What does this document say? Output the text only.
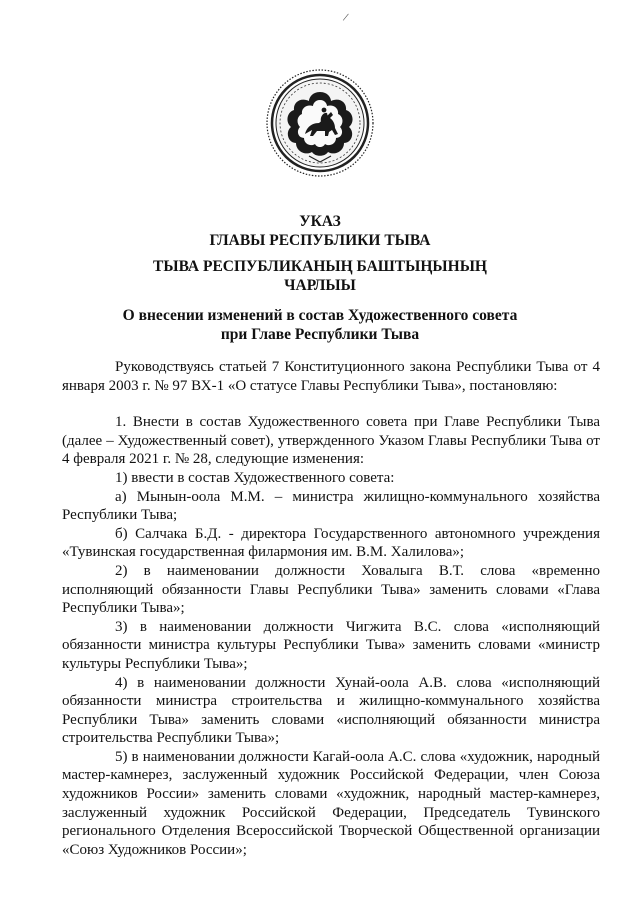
/
УКАЗ
ГЛАВЫ РЕСПУБЛИКИ ТЫВА
ТЫВА РЕСПУБЛИКАНЫҢ БАШТЫҢЫНЫҢ
ЧАРЛЫЫ
О внесении изменений в состав Художественного совета
при Главе Республики Тыва

Руководствуясь статьей 7 Конституционного закона Республики Тыва от 4 января 2003 г. № 97 ВХ-1 «О статусе Главы Республики Тыва», постановляю:

1. Внести в состав Художественного совета при Главе Республики Тыва (далее – Художественный совет), утвержденного Указом Главы Республики Тыва от 4 февраля 2021 г. № 28, следующие изменения:

1) ввести в состав Художественного совета:

а) Мынын-оола М.М. – министра жилищно-коммунального хозяйства Республики Тыва;

б) Салчака Б.Д. - директора Государственного автономного учреждения «Тувинская государственная филармония им. В.М. Халилова»;

2) в наименовании должности Ховалыга В.Т. слова «временно исполняющий обязанности Главы Республики Тыва» заменить словами «Глава Республики Тыва»;

3) в наименовании должности Чигжита В.С. слова «исполняющий обязанности министра культуры Республики Тыва» заменить словами «министр культуры Республики Тыва»;

4) в наименовании должности Хунай-оола А.В. слова «исполняющий обязанности министра строительства и жилищно-коммунального хозяйства Республики Тыва» заменить словами «исполняющий обязанности министра строительства Республики Тыва»;

5) в наименовании должности Кагай-оола А.С. слова «художник, народный мастер-камнерез, заслуженный художник Российской Федерации, член Союза художников России» заменить словами «художник, народный мастер-камнерез, заслуженный художник Российской Федерации, Председатель Тувинского регионального Отделения Всероссийской Творческой Общественной организации «Союз Художников России»;
